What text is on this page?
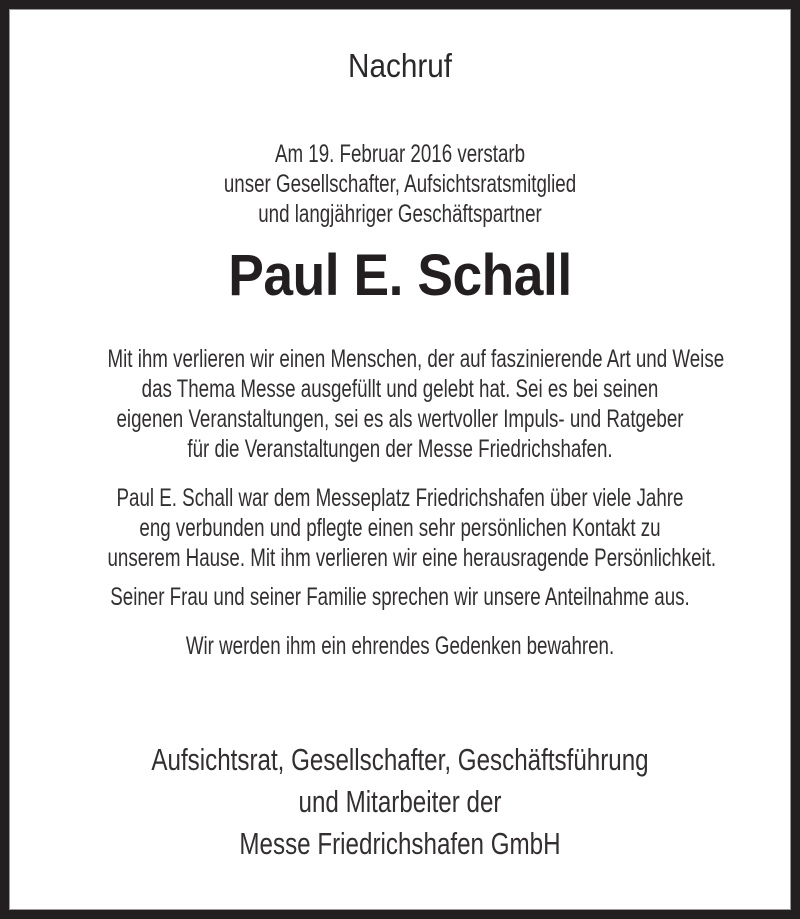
Nachruf
Am 19. Februar 2016 verstarb
unser Gesellschafter, Aufsichtsratsmitglied
und langjähriger Geschäftspartner
Paul E. Schall
Mit ihm verlieren wir einen Menschen, der auf faszinierende Art und Weise
das Thema Messe ausgefüllt und gelebt hat. Sei es bei seinen
eigenen Veranstaltungen, sei es als wertvoller Impuls- und Ratgeber
für die Veranstaltungen der Messe Friedrichshafen.
Paul E. Schall war dem Messeplatz Friedrichshafen über viele Jahre
eng verbunden und pflegte einen sehr persönlichen Kontakt zu
unserem Hause. Mit ihm verlieren wir eine herausragende Persönlichkeit.
Seiner Frau und seiner Familie sprechen wir unsere Anteilnahme aus.
Wir werden ihm ein ehrendes Gedenken bewahren.
Aufsichtsrat, Gesellschafter, Geschäftsführung
und Mitarbeiter der
Messe Friedrichshafen GmbH
